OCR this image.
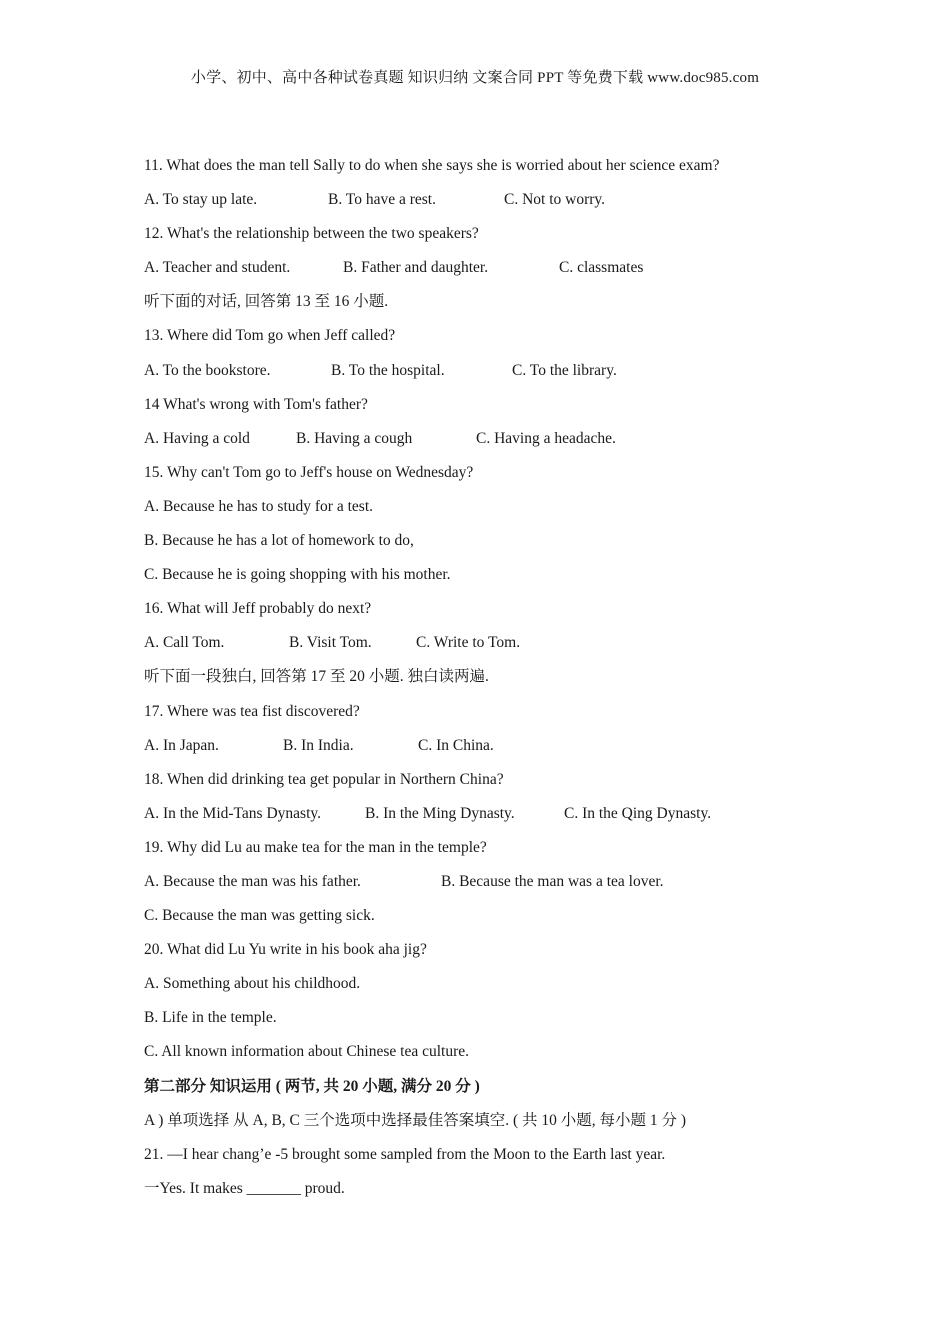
小学、初中、高中各种试卷真题 知识归纳 文案合同 PPT 等免费下载 www.doc985.com
11. What does the man tell Sally to do when she says she is worried about her science exam?
A. To stay up late.	B. To have a rest.	C. Not to worry.
12. What's the relationship between the two speakers?
A. Teacher and student.	B. Father and daughter.	C. classmates
听下面的对话, 回答第 13 至 16 小题.
13. Where did Tom go when Jeff called?
A. To the bookstore.	B. To the hospital.	C. To the library.
14 What's wrong with Tom's father?
A. Having a cold	B. Having a cough	C. Having a headache.
15. Why can't Tom go to Jeff's house on Wednesday?
A. Because he has to study for a test.
B. Because he has a lot of homework to do,
C. Because he is going shopping with his mother.
16. What will Jeff probably do next?
A. Call Tom.	B. Visit Tom.	C. Write to Tom.
听下面一段独白, 回答第 17 至 20 小题. 独白读两遍.
17. Where was tea fist discovered?
A. In Japan.	B. In India.	C. In China.
18. When did drinking tea get popular in Northern China?
A. In the Mid-Tans Dynasty.	B. In the Ming Dynasty.	C. In the Qing Dynasty.
19. Why did Lu au make tea for the man in the temple?
A. Because the man was his father.	B. Because the man was a tea lover.
C. Because the man was getting sick.
20. What did Lu Yu write in his book aha jig?
A. Something about his childhood.
B. Life in the temple.
C. All known information about Chinese tea culture.
第二部分 知识运用 ( 两节, 共 20 小题, 满分 20 分 )
A ) 单项选择 从 A, B, C 三个选项中选择最佳答案填空. ( 共 10 小题, 每小题 1 分 )
21. —I hear chang’e -5 brought some sampled from the Moon to the Earth last year.
一Yes. It makes _______ proud.
